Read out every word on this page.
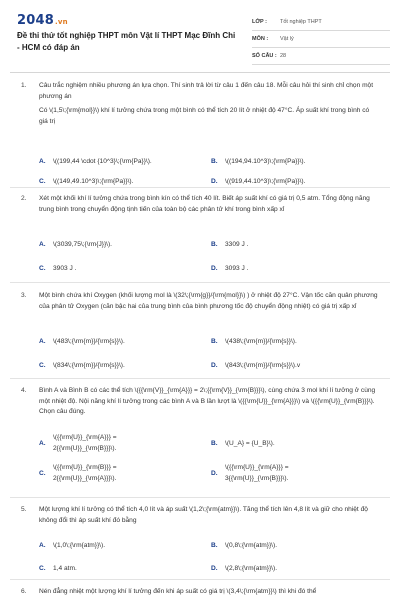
2048.vn
Đề thi thử tốt nghiệp THPT môn Vật lí THPT Mạc Đĩnh Chi - HCM có đáp án
LỚP :	Tốt nghiệp THPT
MÔN :	Vật lý
SỐ CÂU : 28
1. Câu trắc nghiệm nhiều phương án lựa chọn. Thí sinh trả lời từ câu 1 đến câu 18. Mỗi câu hỏi thí sinh chỉ chọn một phương án
Có \(1,5\;{\rm{mol}}\) khí lí tưởng chứa trong một bình có thể tích 20 lít ở nhiệt độ 47°C. Áp suất khí trong bình có giá trị
A. \((199,44 \cdot {10^3}\;{\rm{Pa}}\).	B. \((194,94.10^3)\;{\rm{Pa}}\).
C. \((149,49.10^3)\;{\rm{Pa}}\).	D. \((919,44.10^3)\;{\rm{Pa}}\).
2. Xét một khối khí lí tưởng chứa trong bình kín có thể tích 40 lít. Biết áp suất khí có giá trị 0,5 atm. Tổng động năng trung bình trong chuyển động tịnh tiến của toàn bộ các phân tử khí trong bình xấp xỉ
A. \(3039,75\;{\rm{J}}\).	B. 3309 J .
C. 3903 J .	D. 3093 J .
3. Một bình chứa khí Oxygen (khối lượng mol là \(32\;{\rm{g}}/{\rm{mol}}\) ) ở nhiệt độ 27°C. Vận tốc căn quân phương của phân tử Oxygen (căn bậc hai của trung bình của bình phương tốc độ chuyển động nhiệt) có giá trị xấp xỉ
A. \(483\;{\rm{m}}/{\rm{s}}\).	B. \(438\;{\rm{m}}/{\rm{s}}\).
C. \(834\;{\rm{m}}/{\rm{s}}\).	D. \(843\;{\rm{m}}/{\rm{s}}\).v
4. Bình A và Bình B có các thể tích \({{\rm{V}}_{\rm{A}}} = 2\;{{\rm{V}}_{\rm{B}}}\), cùng chứa 3 mol khí lí tưởng ở cùng một nhiệt độ. Nội năng khí lí tưởng trong các bình A và B lần lượt là \({{\rm{U}}_{\rm{A}}}\) và \({{\rm{U}}_{\rm{B}}}\). Chọn câu đúng.
A.
\({{\rm{U}}_{\rm{A}}} = 2{{\rm{U}}_{\rm{B}}}\).
B. \(U_A} = {U_B}\).
C.
\({{\rm{U}}_{\rm{B}}} = 2{{\rm{U}}_{\rm{A}}}\).
D.
\({{\rm{U}}_{\rm{A}}} = 3{{\rm{U}}_{\rm{B}}}\).
5. Một lượng khí lí tưởng có thể tích 4,0 lít và áp suất \(1,2\;{\rm{atm}}\). Tăng thể tích lên 4,8 lít và giữ cho nhiệt độ không đổi thì áp suất khí đó bằng
A. \(1,0\;{\rm{atm}}\).	B. \(0,8\;{\rm{atm}}\).
C. 1,4 atm.	D. \(2,8\;{\rm{atm}}\).
6. Nén đẳng nhiệt một lượng khí lí tưởng đến khi áp suất có giá trị \(3,4\;{\rm{atm}}\) thì khi đó thể
